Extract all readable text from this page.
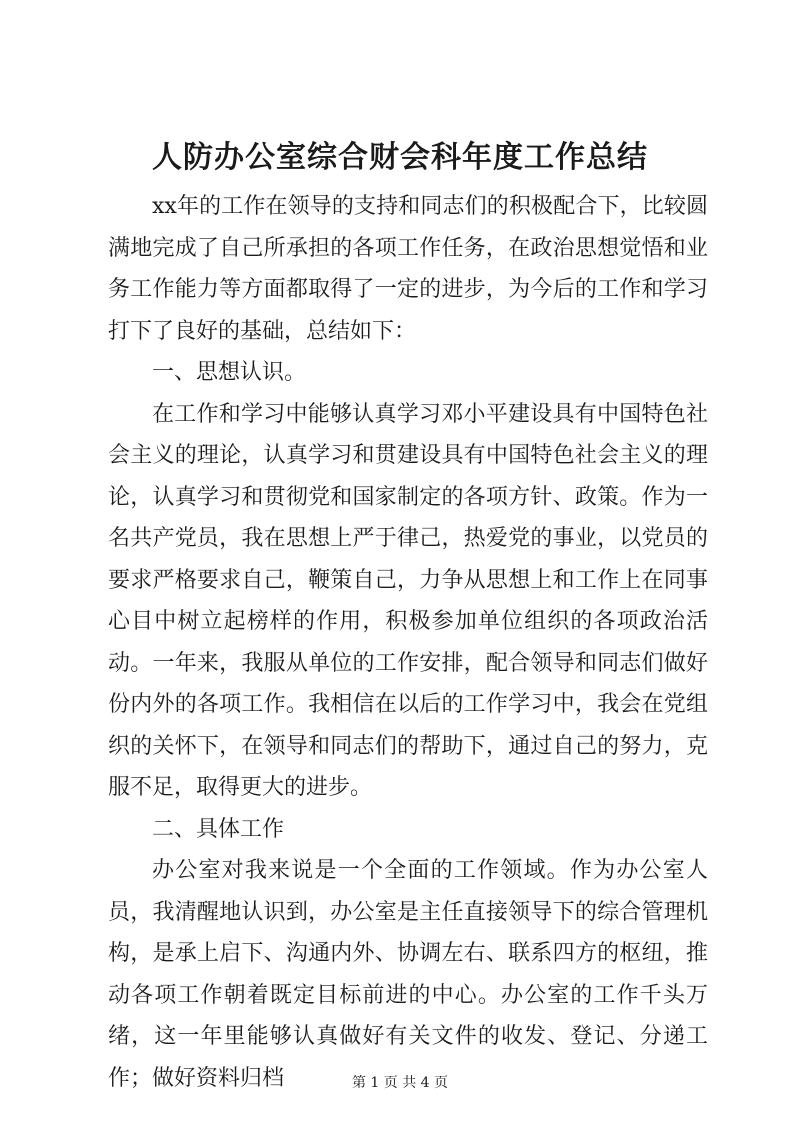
人防办公室综合财会科年度工作总结

xx年的工作在领导的支持和同志们的积极配合下，比较圆满地完成了自己所承担的各项工作任务，在政治思想觉悟和业务工作能力等方面都取得了一定的进步，为今后的工作和学习打下了良好的基础，总结如下：

一、思想认识。

在工作和学习中能够认真学习邓小平建设具有中国特色社会主义的理论，认真学习和贯建设具有中国特色社会主义的理论，认真学习和贯彻党和国家制定的各项方针、政策。作为一名共产党员，我在思想上严于律己，热爱党的事业，以党员的要求严格要求自己，鞭策自己，力争从思想上和工作上在同事心目中树立起榜样的作用，积极参加单位组织的各项政治活动。一年来，我服从单位的工作安排，配合领导和同志们做好份内外的各项工作。我相信在以后的工作学习中，我会在党组织的关怀下，在领导和同志们的帮助下，通过自己的努力，克服不足，取得更大的进步。

二、具体工作

办公室对我来说是一个全面的工作领域。作为办公室人员，我清醒地认识到，办公室是主任直接领导下的综合管理机构，是承上启下、沟通内外、协调左右、联系四方的枢纽，推动各项工作朝着既定目标前进的中心。办公室的工作千头万绪，这一年里能够认真做好有关文件的收发、登记、分递工作；做好资料归档	第 1 页 共 4 页
